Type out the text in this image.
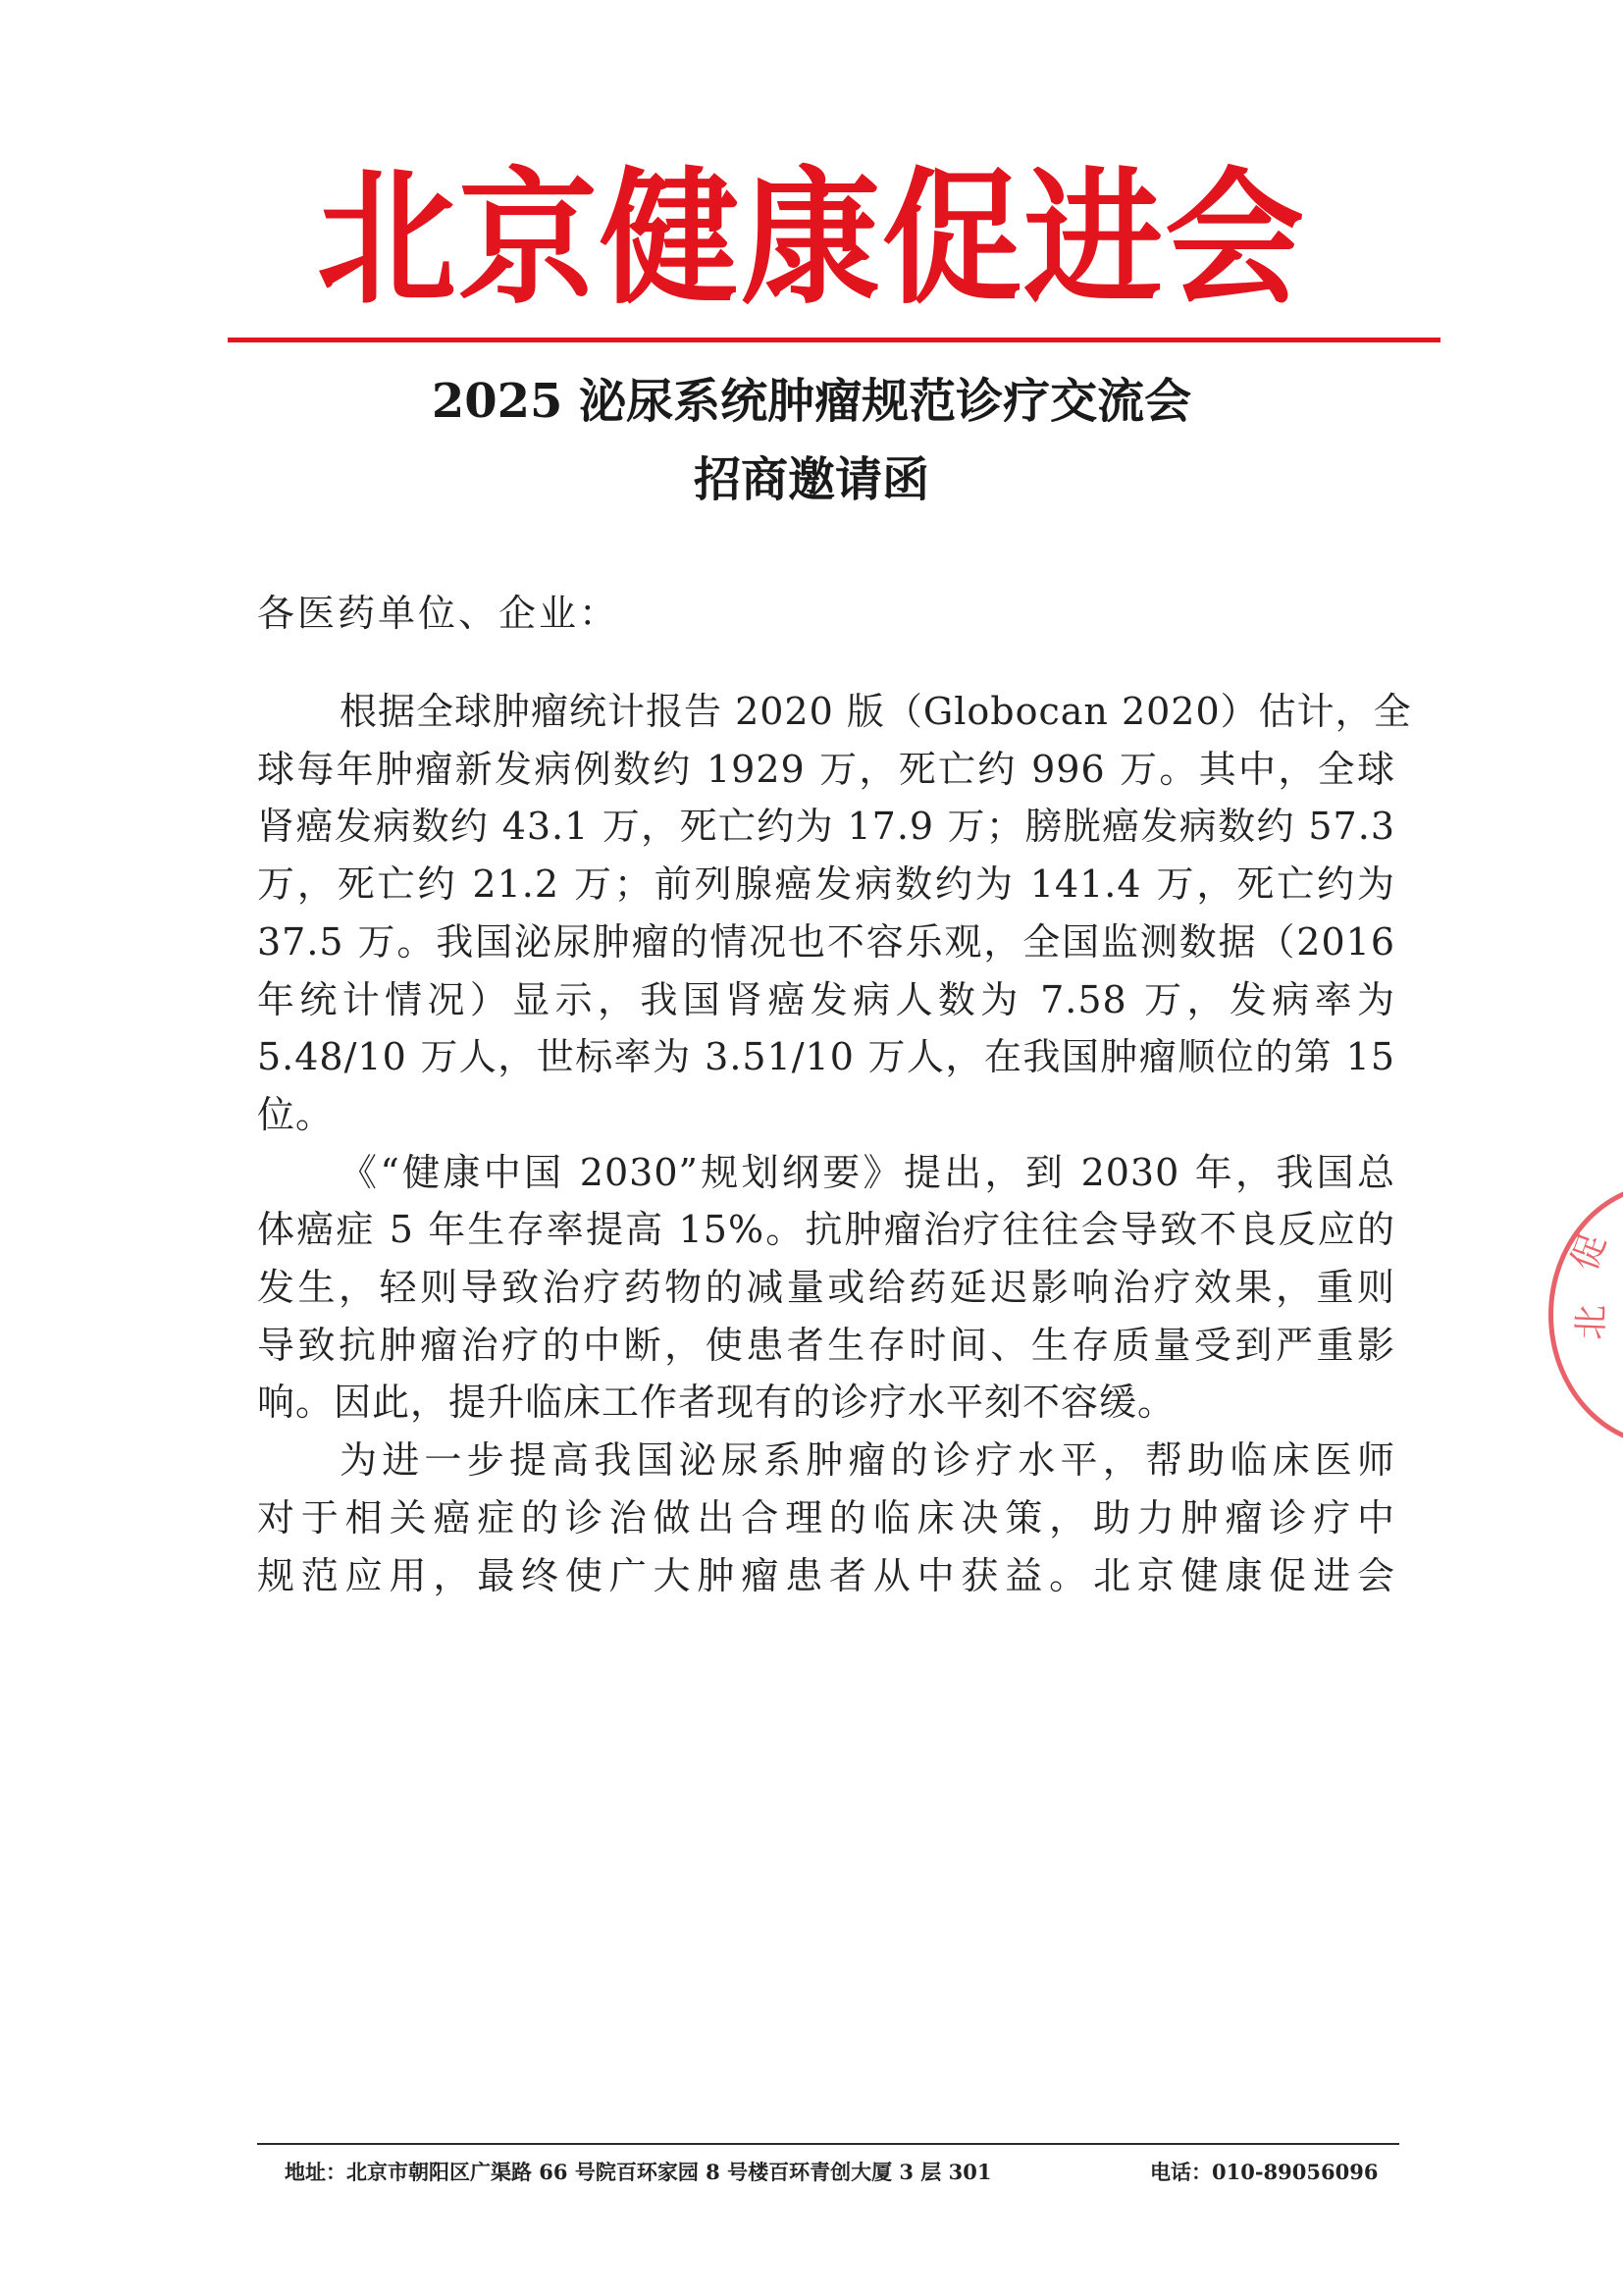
北京健康促进会
2025 泌尿系统肿瘤规范诊疗交流会
招商邀请函
各医药单位、企业：
根据全球肿瘤统计报告 2020 版（Globocan 2020）估计，全
球每年肿瘤新发病例数约 1929 万，死亡约 996 万。其中，全球
肾癌发病数约 43.1 万，死亡约为 17.9 万；膀胱癌发病数约 57.3
万，死亡约 21.2 万；前列腺癌发病数约为 141.4 万，死亡约为
37.5 万。我国泌尿肿瘤的情况也不容乐观，全国监测数据（2016
年统计情况）显示，我国肾癌发病人数为 7.58 万，发病率为
5.48/10 万人，世标率为 3.51/10 万人，在我国肿瘤顺位的第 15
位。
《“健康中国 2030”规划纲要》提出，到 2030 年，我国总
体癌症 5 年生存率提高 15%。抗肿瘤治疗往往会导致不良反应的
发生，轻则导致治疗药物的减量或给药延迟影响治疗效果，重则
导致抗肿瘤治疗的中断，使患者生存时间、生存质量受到严重影
响。因此，提升临床工作者现有的诊疗水平刻不容缓。
为进一步提高我国泌尿系肿瘤的诊疗水平，帮助临床医师
对于相关癌症的诊治做出合理的临床决策，助力肿瘤诊疗中
规范应用，最终使广大肿瘤患者从中获益。北京健康促进会
促
北
地址：北京市朝阳区广渠路 66 号院百环家园 8 号楼百环青创大厦 3 层 301	电话：010-89056096
